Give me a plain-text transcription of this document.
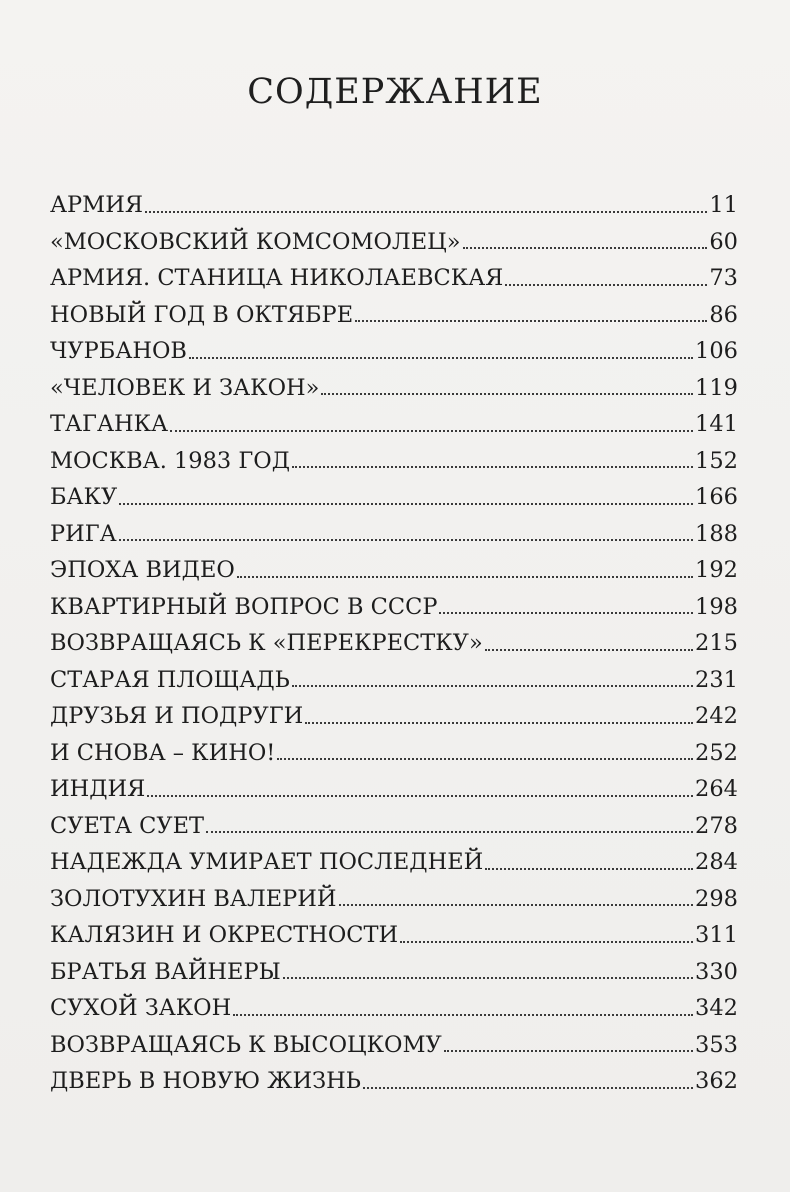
СОДЕРЖАНИЕ
АРМИЯ	11
«МОСКОВСКИЙ КОМСОМОЛЕЦ»	60
АРМИЯ. СТАНИЦА НИКОЛАЕВСКАЯ	73
НОВЫЙ ГОД В ОКТЯБРЕ	86
ЧУРБАНОВ	106
«ЧЕЛОВЕК И ЗАКОН»	119
ТАГАНКА	141
МОСКВА. 1983 ГОД	152
БАКУ	166
РИГА	188
ЭПОХА ВИДЕО	192
КВАРТИРНЫЙ ВОПРОС В СССР	198
ВОЗВРАЩАЯСЬ К «ПЕРЕКРЕСТКУ»	215
СТАРАЯ ПЛОЩАДЬ	231
ДРУЗЬЯ И ПОДРУГИ	242
И СНОВА – КИНО!	252
ИНДИЯ	264
СУЕТА СУЕТ	278
НАДЕЖДА УМИРАЕТ ПОСЛЕДНЕЙ	284
ЗОЛОТУХИН ВАЛЕРИЙ	298
КАЛЯЗИН И ОКРЕСТНОСТИ	311
БРАТЬЯ ВАЙНЕРЫ	330
СУХОЙ ЗАКОН	342
ВОЗВРАЩАЯСЬ К ВЫСОЦКОМУ	353
ДВЕРЬ В НОВУЮ ЖИЗНЬ	362
